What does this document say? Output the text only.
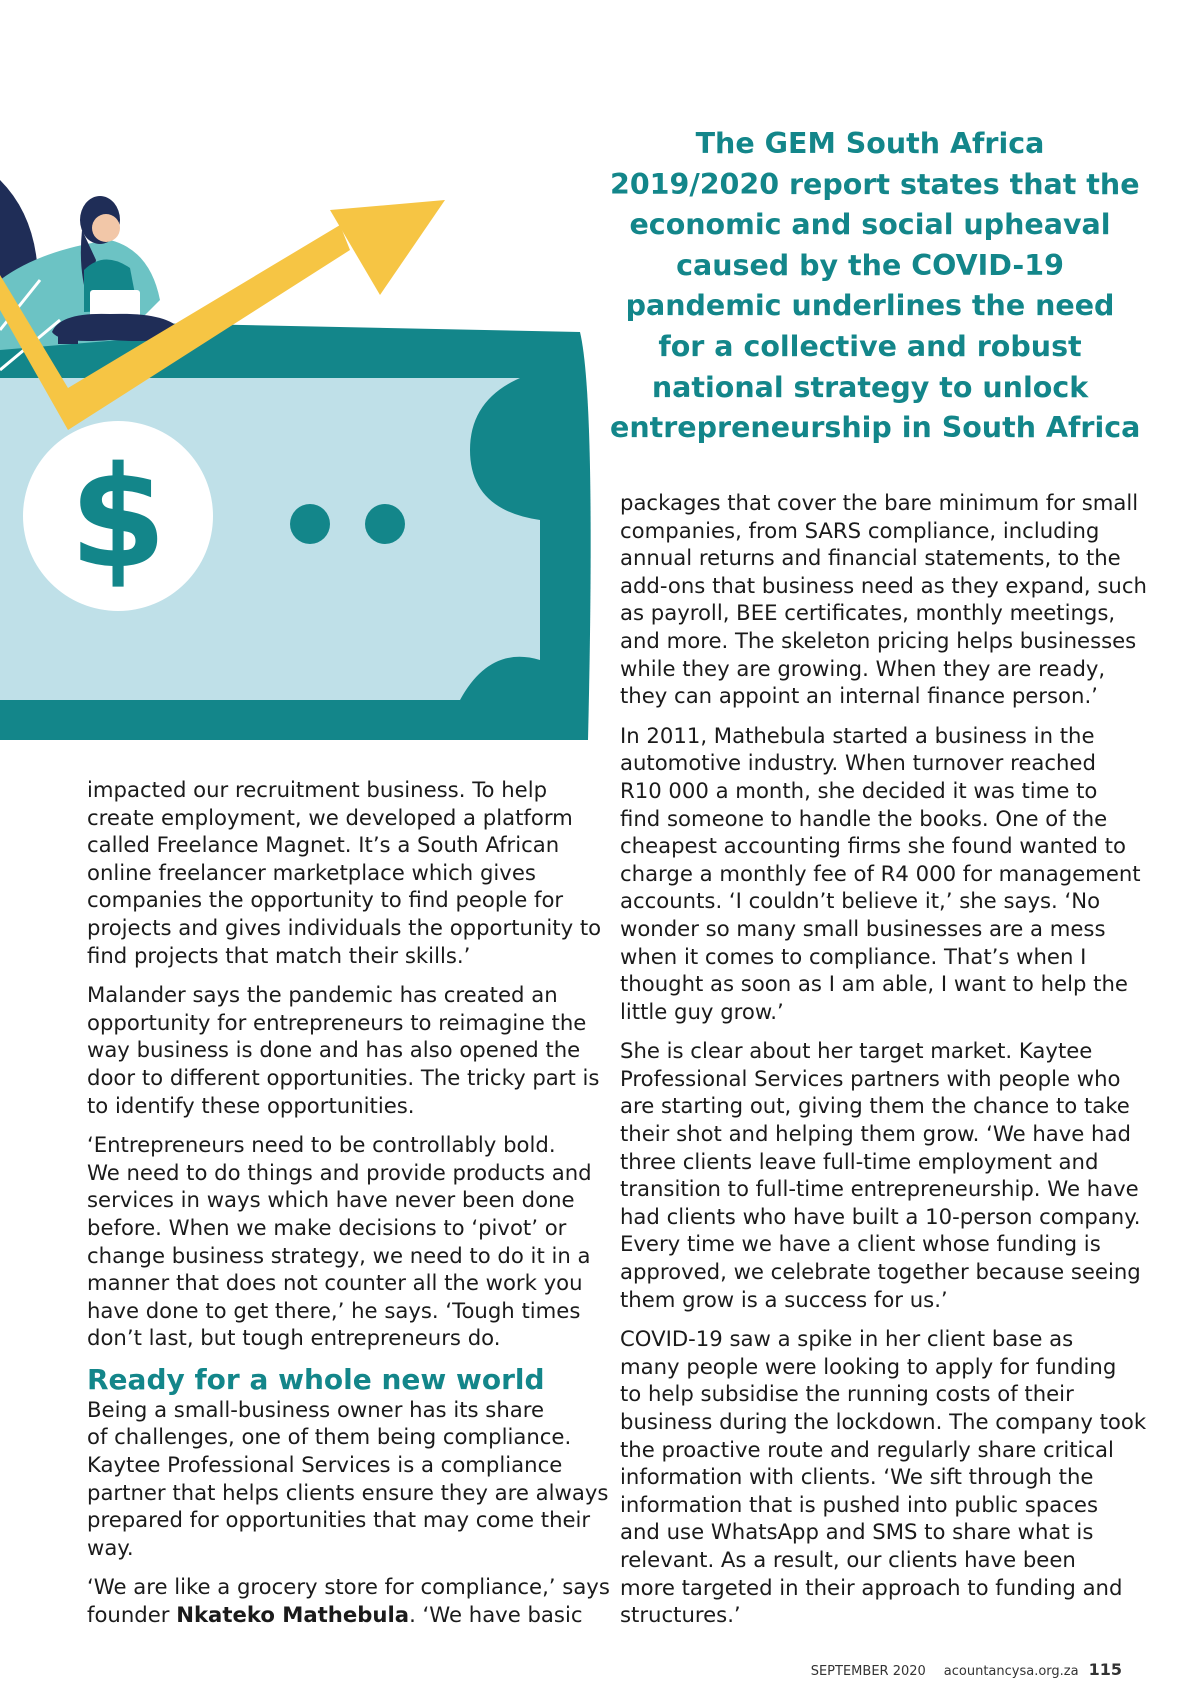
$
The GEM South Africa
2019/2020 report states that the
economic and social upheaval
caused by the COVID-19
pandemic underlines the need
for a collective and robust
national strategy to unlock
entrepreneurship in South Africa

impacted our recruitment business. To help
create employment, we developed a platform
called Freelance Magnet. It’s a South African
online freelancer marketplace which gives
companies the opportunity to find people for
projects and gives individuals the opportunity to
find projects that match their skills.’

Malander says the pandemic has created an
opportunity for entrepreneurs to reimagine the
way business is done and has also opened the
door to different opportunities. The tricky part is
to identify these opportunities.

‘Entrepreneurs need to be controllably bold.
We need to do things and provide products and
services in ways which have never been done
before. When we make decisions to ‘pivot’ or
change business strategy, we need to do it in a
manner that does not counter all the work you
have done to get there,’ he says. ‘Tough times
don’t last, but tough entrepreneurs do.

Ready for a whole new world

Being a small-business owner has its share
of challenges, one of them being compliance.
Kaytee Professional Services is a compliance
partner that helps clients ensure they are always
prepared for opportunities that may come their
way.

‘We are like a grocery store for compliance,’ says
founder Nkateko Mathebula. ‘We have basic

packages that cover the bare minimum for small
companies, from SARS compliance, including
annual returns and financial statements, to the
add-ons that business need as they expand, such
as payroll, BEE certificates, monthly meetings,
and more. The skeleton pricing helps businesses
while they are growing. When they are ready,
they can appoint an internal finance person.’

In 2011, Mathebula started a business in the
automotive industry. When turnover reached
R10 000 a month, she decided it was time to
find someone to handle the books. One of the
cheapest accounting firms she found wanted to
charge a monthly fee of R4 000 for management
accounts. ‘I couldn’t believe it,’ she says. ‘No
wonder so many small businesses are a mess
when it comes to compliance. That’s when I
thought as soon as I am able, I want to help the
little guy grow.’

She is clear about her target market. Kaytee
Professional Services partners with people who
are starting out, giving them the chance to take
their shot and helping them grow. ‘We have had
three clients leave full-time employment and
transition to full-time entrepreneurship. We have
had clients who have built a 10-person company.
Every time we have a client whose funding is
approved, we celebrate together because seeing
them grow is a success for us.’

COVID-19 saw a spike in her client base as
many people were looking to apply for funding
to help subsidise the running costs of their
business during the lockdown. The company took
the proactive route and regularly share critical
information with clients. ‘We sift through the
information that is pushed into public spaces
and use WhatsApp and SMS to share what is
relevant. As a result, our clients have been
more targeted in their approach to funding and
structures.’

SEPTEMBER 2020 acountancysa.org.za 115
